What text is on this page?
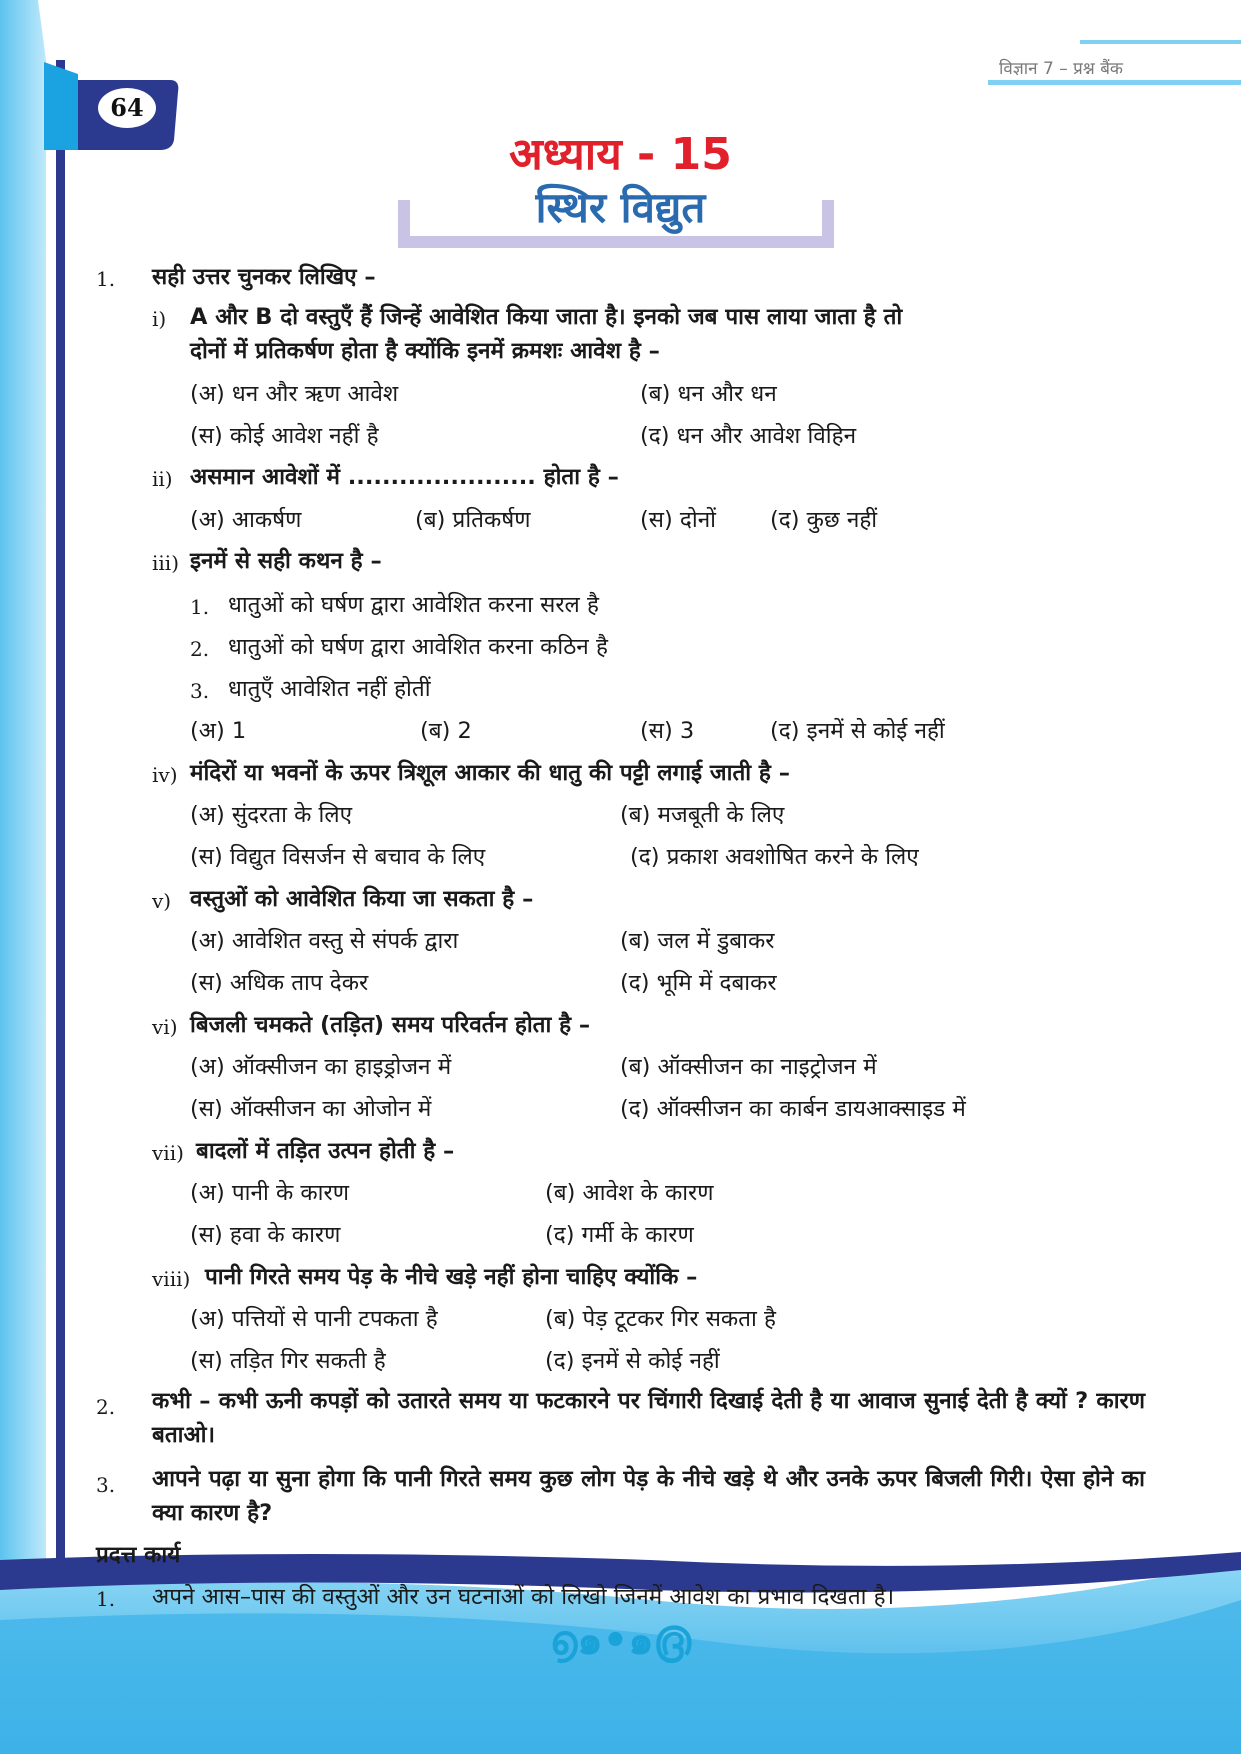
विज्ञान 7 – प्रश्न बैंक
64
अध्याय - 15
स्थिर विद्युत
1. सही उत्तर चुनकर लिखिए –
i) A और B दो वस्तुएँ हैं जिन्हें आवेशित किया जाता है। इनको जब पास लाया जाता है तो
दोनों में प्रतिकर्षण होता है क्योंकि इनमें क्रमशः आवेश है –
(अ) धन और ऋण आवेश	(ब) धन और धन
(स) कोई आवेश नहीं है	(द) धन और आवेश विहिन
ii) असमान आवेशों में ...................... होता है –
(अ) आकर्षण	(ब) प्रतिकर्षण	(स) दोनों (द) कुछ नहीं
iii) इनमें से सही कथन है –
1. धातुओं को घर्षण द्वारा आवेशित करना सरल है
2. धातुओं को घर्षण द्वारा आवेशित करना कठिन है
3. धातुएँ आवेशित नहीं होतीं
(अ) 1	(ब) 2	(स) 3	(द) इनमें से कोई नहीं
iv) मंदिरों या भवनों के ऊपर त्रिशूल आकार की धातु की पट्टी लगाई जाती है –
(अ) सुंदरता के लिए	(ब) मजबूती के लिए
(स) विद्युत विसर्जन से बचाव के लिए	(द) प्रकाश अवशोषित करने के लिए
v) वस्तुओं को आवेशित किया जा सकता है –
(अ) आवेशित वस्तु से संपर्क द्वारा	(ब) जल में डुबाकर
(स) अधिक ताप देकर	(द) भूमि में दबाकर
vi) बिजली चमकते (तड़ित) समय परिवर्तन होता है –
(अ) ऑक्सीजन का हाइड्रोजन में	(ब) ऑक्सीजन का नाइट्रोजन में
(स) ऑक्सीजन का ओजोन में	(द) ऑक्सीजन का कार्बन डायआक्साइड में
vii) बादलों में तड़ित उत्पन होती है –
(अ) पानी के कारण	(ब) आवेश के कारण
(स) हवा के कारण	(द) गर्मी के कारण
viii) पानी गिरते समय पेड़ के नीचे खड़े नहीं होना चाहिए क्योंकि –
(अ) पत्तियों से पानी टपकता है	(ब) पेड़ टूटकर गिर सकता है
(स) तड़ित गिर सकती है	(द) इनमें से कोई नहीं
2. कभी – कभी ऊनी कपड़ों को उतारते समय या फटकारने पर चिंगारी दिखाई देती है या आवाज सुनाई देती है क्यों ? कारण बताओ।
3. आपने पढ़ा या सुना होगा कि पानी गिरते समय कुछ लोग पेड़ के नीचे खड़े थे और उनके ऊपर बिजली गिरी। ऐसा होने का क्या कारण है?
प्रदत्त कार्य
1. अपने आस–पास की वस्तुओं और उन घटनाओं को लिखो जिनमें आवेश का प्रभाव दिखता है।
൭๑•๑൫
